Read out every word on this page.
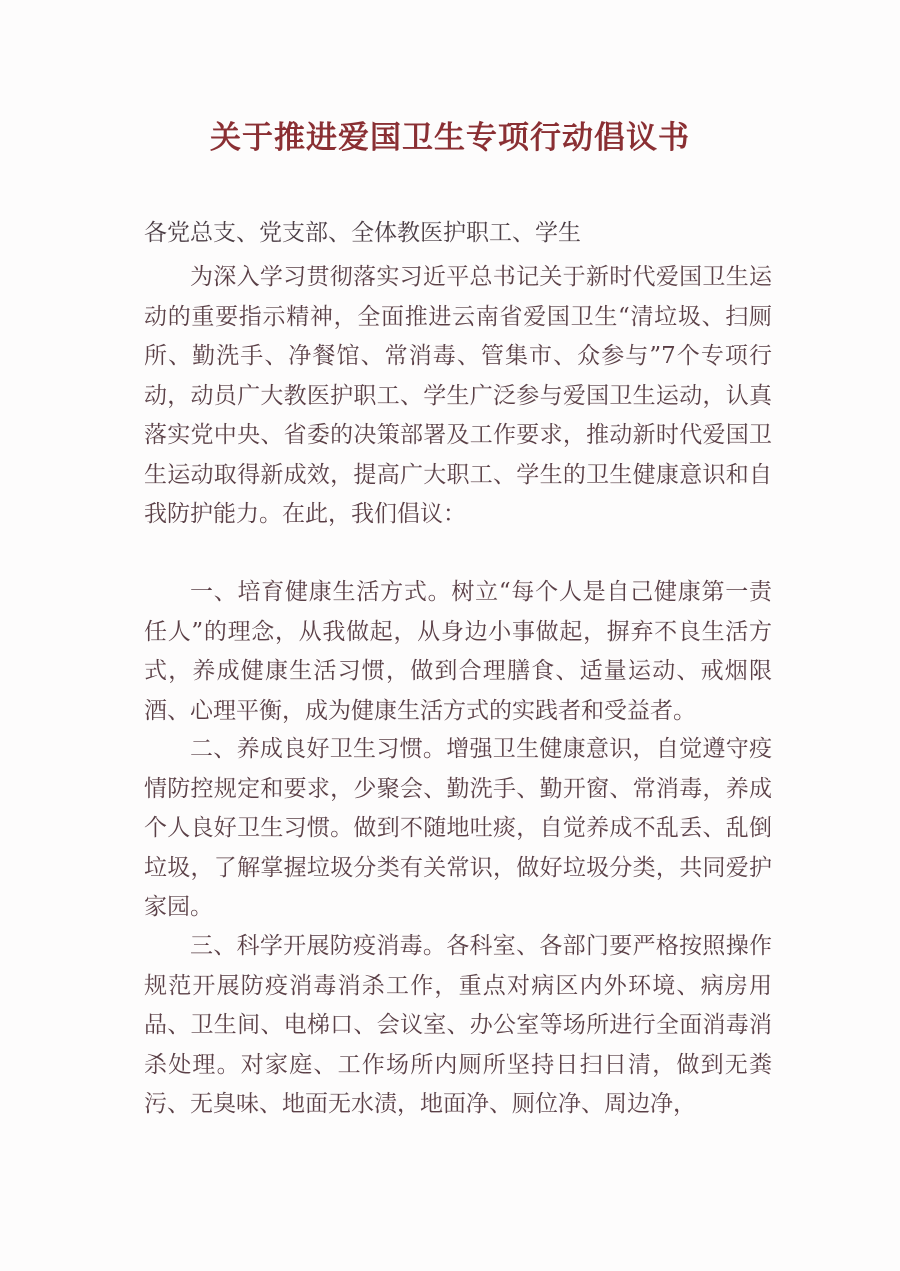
关于推进爱国卫生专项行动倡议书
各党总支、党支部、全体教医护职工、学生

为深入学习贯彻落实习近平总书记关于新时代爱国卫生运动的重要指示精神，全面推进云南省爱国卫生“清垃圾、扫厕所、勤洗手、净餐馆、常消毒、管集市、众参与”7个专项行动，动员广大教医护职工、学生广泛参与爱国卫生运动，认真落实党中央、省委的决策部署及工作要求，推动新时代爱国卫生运动取得新成效，提高广大职工、学生的卫生健康意识和自我防护能力。在此，我们倡议：

一、培育健康生活方式。树立“每个人是自己健康第一责任人”的理念，从我做起，从身边小事做起，摒弃不良生活方式，养成健康生活习惯，做到合理膳食、适量运动、戒烟限酒、心理平衡，成为健康生活方式的实践者和受益者。

二、养成良好卫生习惯。增强卫生健康意识，自觉遵守疫情防控规定和要求，少聚会、勤洗手、勤开窗、常消毒，养成个人良好卫生习惯。做到不随地吐痰，自觉养成不乱丢、乱倒垃圾，了解掌握垃圾分类有关常识，做好垃圾分类，共同爱护家园。

三、科学开展防疫消毒。各科室、各部门要严格按照操作规范开展防疫消毒消杀工作，重点对病区内外环境、病房用品、卫生间、电梯口、会议室、办公室等场所进行全面消毒消杀处理。对家庭、工作场所内厕所坚持日扫日清，做到无粪污、无臭味、地面无水渍，地面净、厕位净、周边净，
